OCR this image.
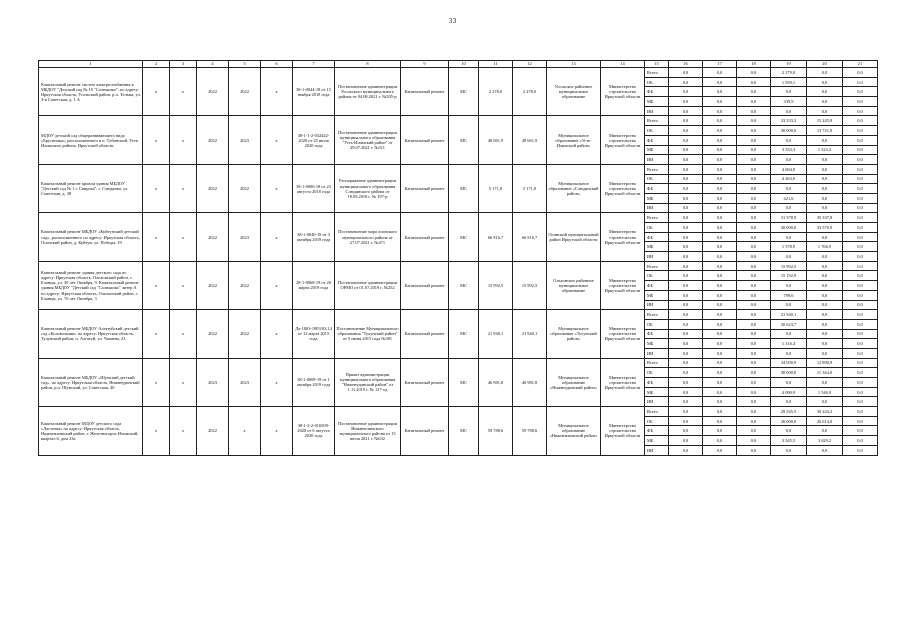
33
1	2	3	4	5	6	7	8	9	10	11	12	13	14	15	16	17	18	19	20	21
Капитальный ремонт систем электроснабжения в МБДОУ "Детский сад № 10 "Солнышко", по адресу: Иркутская область, Усольский район, р.п. Тельма, ул. 3-я Советская, д. 1 А	х	х	2022	2022	х	38-1-0044-18 от 13 ноября 2018 года	Постановление администрации Усольского муниципального района от 04.08.2021 г. №505-р	Капитальный ремонт	МС	2 278,0	2 278,0	Усольское районное муниципальное образование	Министерство строительства Иркутской области	Всего	0,0	0,0	0,0	2 279,0	0,0	0,0
														ОБ	0,0	0,0	0,0	1 939,1	0,0	0,0
														ФБ	0,0	0,0	0,0	0,0	0,0	0,0
														МБ	0,0	0,0	0,0	339,9	0,0	0,0
														ИИ	0,0	0,0	0,0	0,0	0,0	0,0
МДОУ детский сад общеразвивающего вида «Брусничка», расположенного в п. Тубинский, Усть-Илимского района, Иркутской области	х	х	2022	2023	х	38-1-1-2-032442-2020 от 25 июля 2020 года	Постановление администрации муниципального образования "Усть-Илимский район" от 29.07.2021 г. №311	Капитальный ремонт	МС	48 661,9	48 661,9	Муниципальное образование «Усть-Илимский район»	Министерство строительства Иркутской области	Всего	0,0	0,0	0,0	33 333,3	15 245,9	0,0
														ОБ	0,0	0,0	0,0	30 000,0	13 721,9	0,0
														ФБ	0,0	0,0	0,0	0,0	0,0	0,0
														МБ	0,0	0,0	0,0	3 333,3	1 523,3	0,0
														ИИ	0,0	0,0	0,0	0,0	0,0	0,0
Капитальный ремонт кровли здания МБДОУ "Детский сад № 1 г. Свирска", г. Слюдянка, ул. Советская, д. 38	х	х	2022	2022	х	38-1-0006-18 от 23 августа 2018 года	Распоряжение администрации муниципального образования Слюдянского района от 18.09.2018 г. № 197-р	Капитальный ремонт	МС	5 171,8	5 171,8	Муниципальное образование «Слюдянский район»	Министерство строительства Иркутской области	Всего	0,0	0,0	0,0	4 684,9	0,0	0,0
														ОБ	0,0	0,0	0,0	4 263,0	0,0	0,0
														ФБ	0,0	0,0	0,0	0,0	0,0	0,0
														МБ	0,0	0,0	0,0	421,6	0,0	0,0
														ИИ	0,0	0,0	0,0	0,0	0,0	0,0
Капитальный ремонт МБДОУ «Куйтунский детский сад», расположенного по адресу: Иркутская область, Осинский район, д. Куйтун, ул. Победы, 19	х	х	2022	2023	х	38-1-0040-19 от 3 октября 2019 года	Постановление мэра осинского муниципального района от 27.07.2021 г. №471	Капитальный ремонт	МС	66 916,7	66 916,7	Осинский муниципальный район Иркутской области	Министерство строительства Иркутской области	Всего	0,0	0,0	0,0	31 578,9	35 337,8	0,0
														ОБ	0,0	0,0	0,0	30 000,0	33 570,9	0,0
														ФБ	0,0	0,0	0,0	0,0	0,0	0,0
														МБ	0,0	0,0	0,0	1 578,9	1 766,9	0,0
														ИИ	0,0	0,0	0,0	0,0	0,0	0,0
Капитальный ремонт здания детского сада по адресу: Иркутская область, Ольхонский район, с. Еланцы, ул. 30 лет Октября, 9. Капитальный ремонт здания МБДОУ "Детский сад "Солнышко" литер А по адресу: Иркутская область, Ольхонский район, с. Еланцы, ул. 70 лет Октября, 3	х	х	2022	2022	х	28-1-0068-19 от 28 марта 2019 года	Постановление администрации ОРМО от 01.07.2019 г. №252	Капитальный ремонт	МС	15 992,5	15 992,5	Ольхонское районное муниципальное образование	Министерство строительства Иркутской области	Всего	0,0	0,0	0,0	15 992,5	0,0	0,0
														ОБ	0,0	0,0	0,0	15 192,9	0,0	0,0
														ФБ	0,0	0,0	0,0	0,0	0,0	0,0
														МБ	0,0	0,0	0,0	799,6	0,0	0,0
														ИИ	0,0	0,0	0,0	0,0	0,0	0,0
Капитальный ремонт МБДОУ Алгатуйский детский сад «Колокольчик» по адресу: Иркутская область, Тулунский район, п. Алгатуй, ул. Чапаева, 23	х	х	2022	2022	х	Да-1803-1803/03,14 от 12 марта 2015 года	Постановление Муниципального образования "Тулунский район" от 5 июня 2015 года №381	Капитальный ремонт	МС	21 940,1	21 940,1	Муниципальное образование «Тулунский район»	Министерство строительства Иркутской области	Всего	0,0	0,0	0,0	21 940,1	0,0	0,0
														ОБ	0,0	0,0	0,0	20 623,7	0,0	0,0
														ФБ	0,0	0,0	0,0	0,0	0,0	0,0
														МБ	0,0	0,0	0,0	1 316,4	0,0	0,0
														ИИ	0,0	0,0	0,0	0,0	0,0	0,0
Капитальный ремонт МБДОУ «Шумский детский сад», по адресу: Иркутская область, Нижнеудинский район, р.п. Шумский, ул. Советская, 40	х	х	2023	2023	х	38-1-0009-19 от 1 октября 2019 года	Приказ администрации муниципального образования "Нижнеудинский район" от 1.11.2019 г. № 137-од	Капитальный ремонт	МС	46 981,8	46 981,8	Муниципальное образование «Нижнеудинский район»	Министерство строительства Иркутской области	Всего	0,0	0,0	0,0	34 090,9	12 890,9	0,0
														ОБ	0,0	0,0	0,0	30 000,0	11 344,0	0,0
														ФБ	0,0	0,0	0,0	0,0	0,0	0,0
														МБ	0,0	0,0	0,0	4 090,9	1 546,9	0,0
														ИИ	0,0	0,0	0,0	0,0	0,0	0,0
Капитальный ремонт МДОУ детского сада «Ласточка» по адресу: Иркутская область, Нижнеилимский район, г. Железногорск-Илимский, квартал 6, дом 23а	х	х	2022	х	х	38-1-2-2-016509-2020 от 6 августа 2020 года	Постановление администрации Нижнеилимского муниципального района от 15 июля 2021 г. №632	Капитальный ремонт	МС	59 788,6	59 788,6	Муниципальное образование «Нижнеилимский район»	Министерство строительства Иркутской области	Всего	0,0	0,0	0,0	29 545,5	30 243,2	0,0
														ОБ	0,0	0,0	0,0	26 000,0	26 614,0	0,0
														ФБ	0,0	0,0	0,0	0,0	0,0	0,0
														МБ	0,0	0,0	0,0	3 545,5	3 629,2	0,0
														ИИ	0,0	0,0	0,0	0,0	0,0	0,0
